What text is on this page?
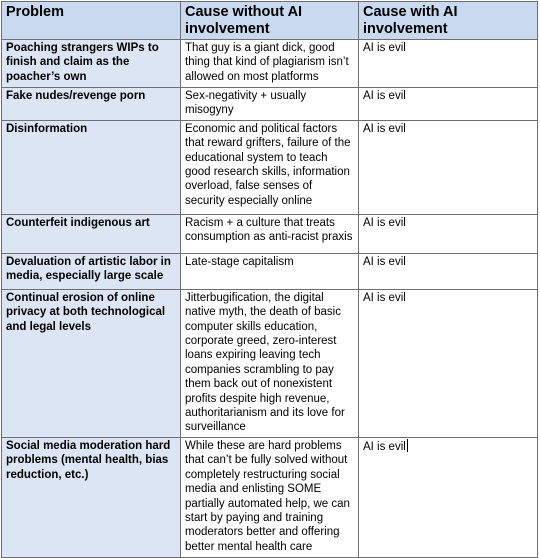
Problem	Cause without AI involvement	Cause with AI involvement
Poaching strangers WIPs to finish and claim as the poacher’s own	That guy is a giant dick, good thing that kind of plagiarism isn’t allowed on most platforms	AI is evil
Fake nudes/revenge porn	Sex-negativity + usually misogyny	AI is evil
Disinformation	Economic and political factors that reward grifters, failure of the educational system to teach good research skills, information overload, false senses of security especially online	AI is evil
Counterfeit indigenous art	Racism + a culture that treats consumption as anti-racist praxis	AI is evil
Devaluation of artistic labor in media, especially large scale	Late-stage capitalism	AI is evil
Continual erosion of online privacy at both technological and legal levels	Jitterbugification, the digital native myth, the death of basic computer skills education, corporate greed, zero-interest loans expiring leaving tech companies scrambling to pay them back out of nonexistent profits despite high revenue, authoritarianism and its love for surveillance	AI is evil
Social media moderation hard problems (mental health, bias reduction, etc.)	While these are hard problems that can’t be fully solved without completely restructuring social media and enlisting SOME partially automated help, we can start by paying and training moderators better and offering better mental health care	AI is evil
